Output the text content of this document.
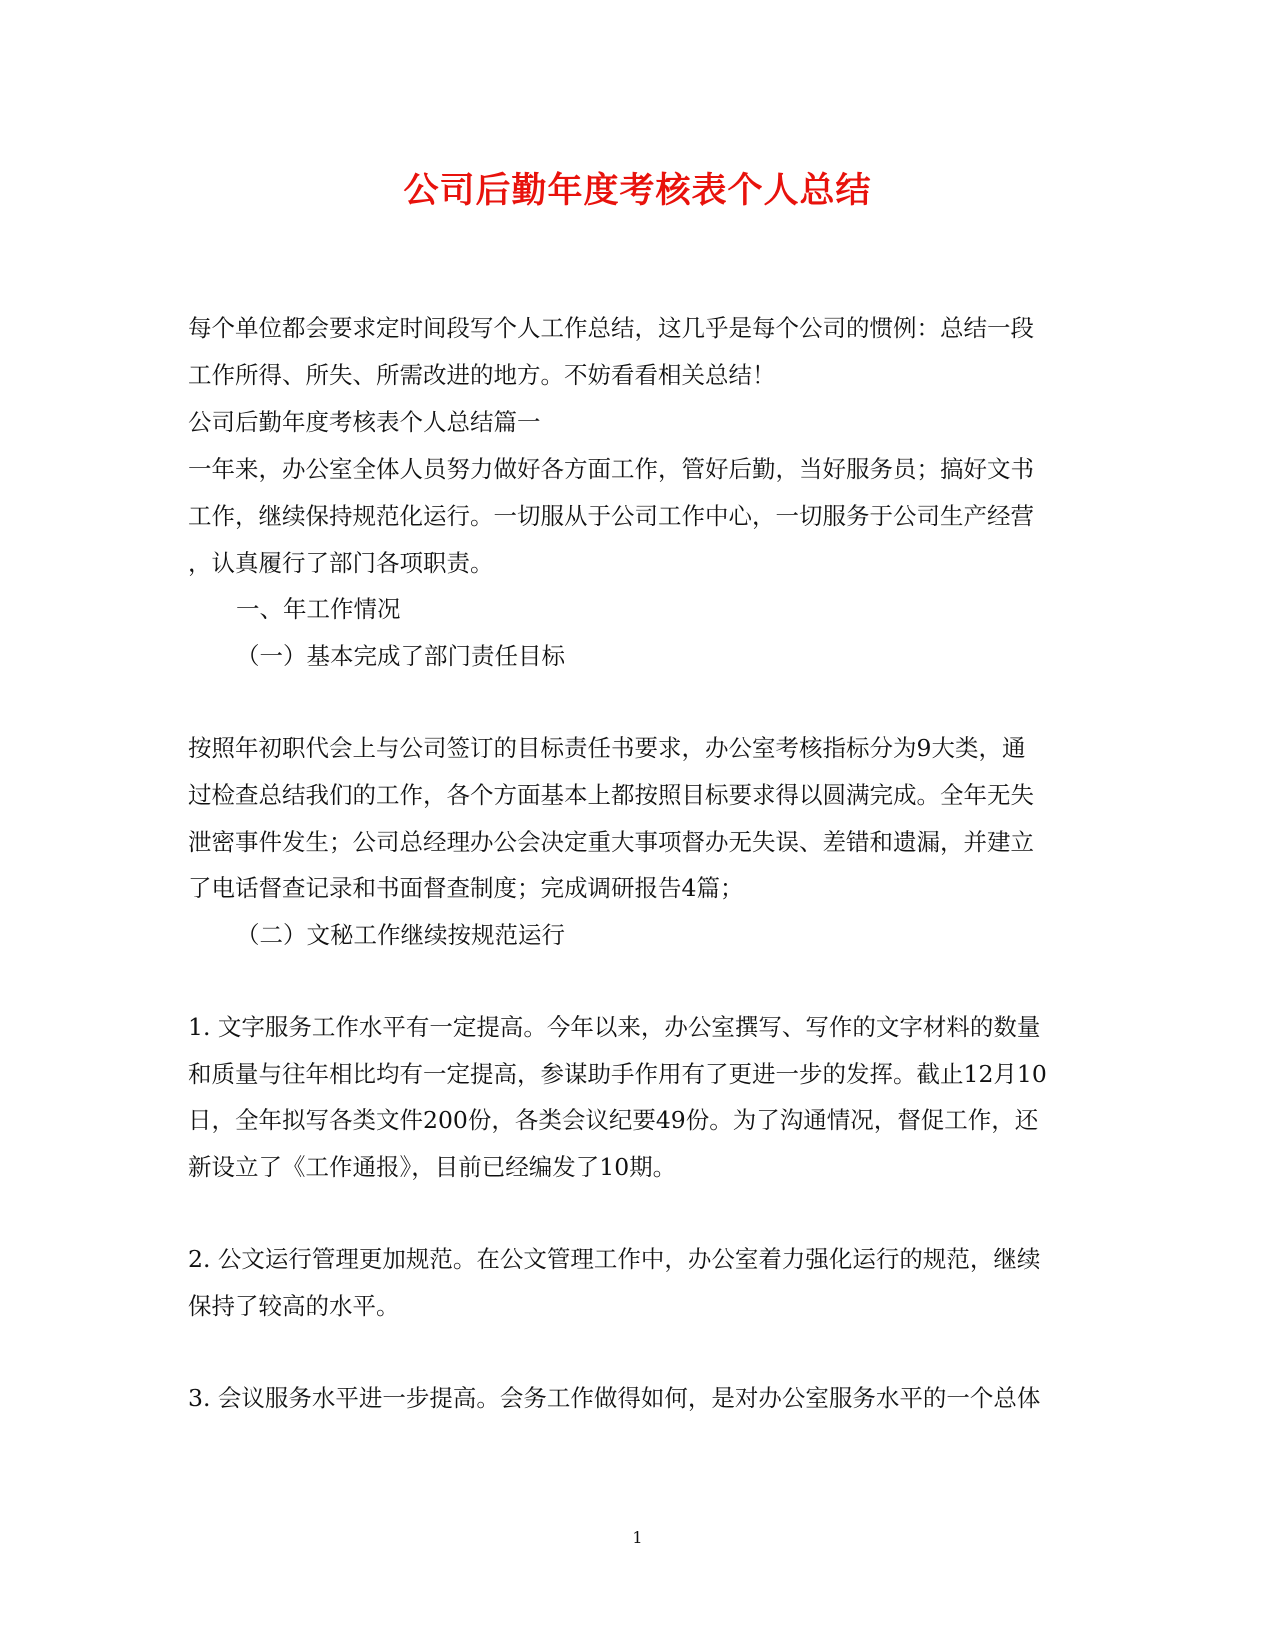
公司后勤年度考核表个人总结
每个单位都会要求定时间段写个人工作总结，这几乎是每个公司的惯例：总结一段
工作所得、所失、所需改进的地方。不妨看看相关总结！
公司后勤年度考核表个人总结篇一
一年来，办公室全体人员努力做好各方面工作，管好后勤，当好服务员；搞好文书
工作，继续保持规范化运行。一切服从于公司工作中心，一切服务于公司生产经营
，认真履行了部门各项职责。
一、年工作情况
（一）基本完成了部门责任目标
按照年初职代会上与公司签订的目标责任书要求，办公室考核指标分为9大类，通
过检查总结我们的工作，各个方面基本上都按照目标要求得以圆满完成。全年无失
泄密事件发生；公司总经理办公会决定重大事项督办无失误、差错和遗漏，并建立
了电话督查记录和书面督查制度；完成调研报告4篇；
（二）文秘工作继续按规范运行
1. 文字服务工作水平有一定提高。今年以来，办公室撰写、写作的文字材料的数量
和质量与往年相比均有一定提高，参谋助手作用有了更进一步的发挥。截止12月10
日，全年拟写各类文件200份，各类会议纪要49份。为了沟通情况，督促工作，还
新设立了《工作通报》，目前已经编发了10期。
2. 公文运行管理更加规范。在公文管理工作中，办公室着力强化运行的规范，继续
保持了较高的水平。
3. 会议服务水平进一步提高。会务工作做得如何，是对办公室服务水平的一个总体
1
